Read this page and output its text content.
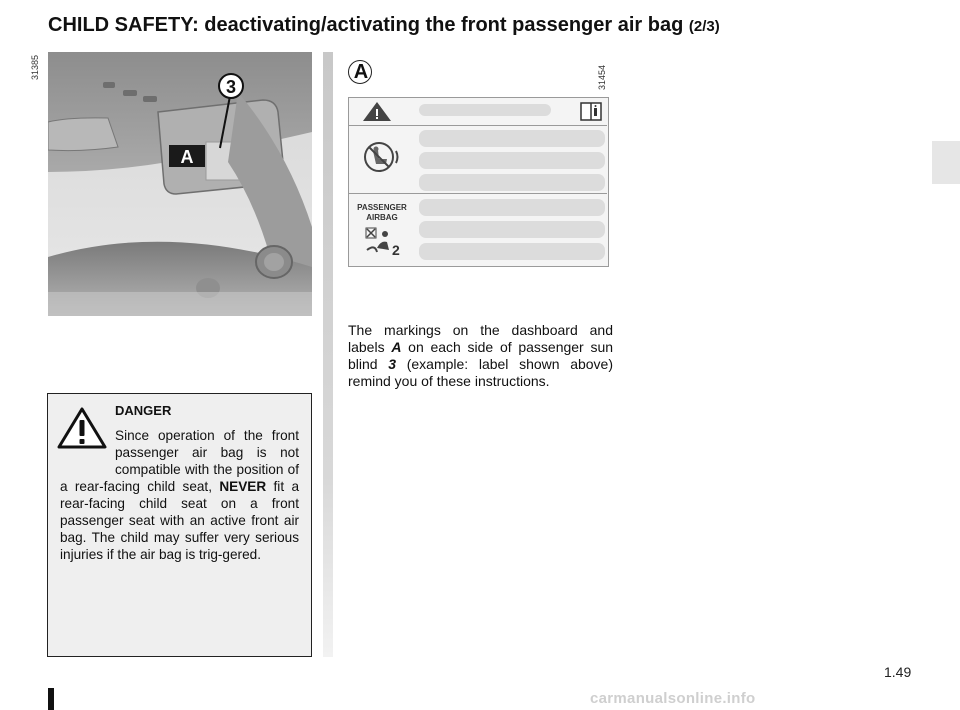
CHILD SAFETY: deactivating/activating the front passenger air bag (2/3)
31385
A
3
A	31454
PASSENGER
AIRBAG
2
The markings on the dashboard and labels A on each side of passenger sun blind 3 (example: label shown above) remind you of these instructions.
DANGER
Since operation of the front passenger air bag is not compatible with the position of a rear-facing child seat, NEVER fit a rear-facing child seat on a front passenger seat with an active front air bag. The child may suffer very serious injuries if the air bag is trig-gered.
1.49
carmanualsonline.info
